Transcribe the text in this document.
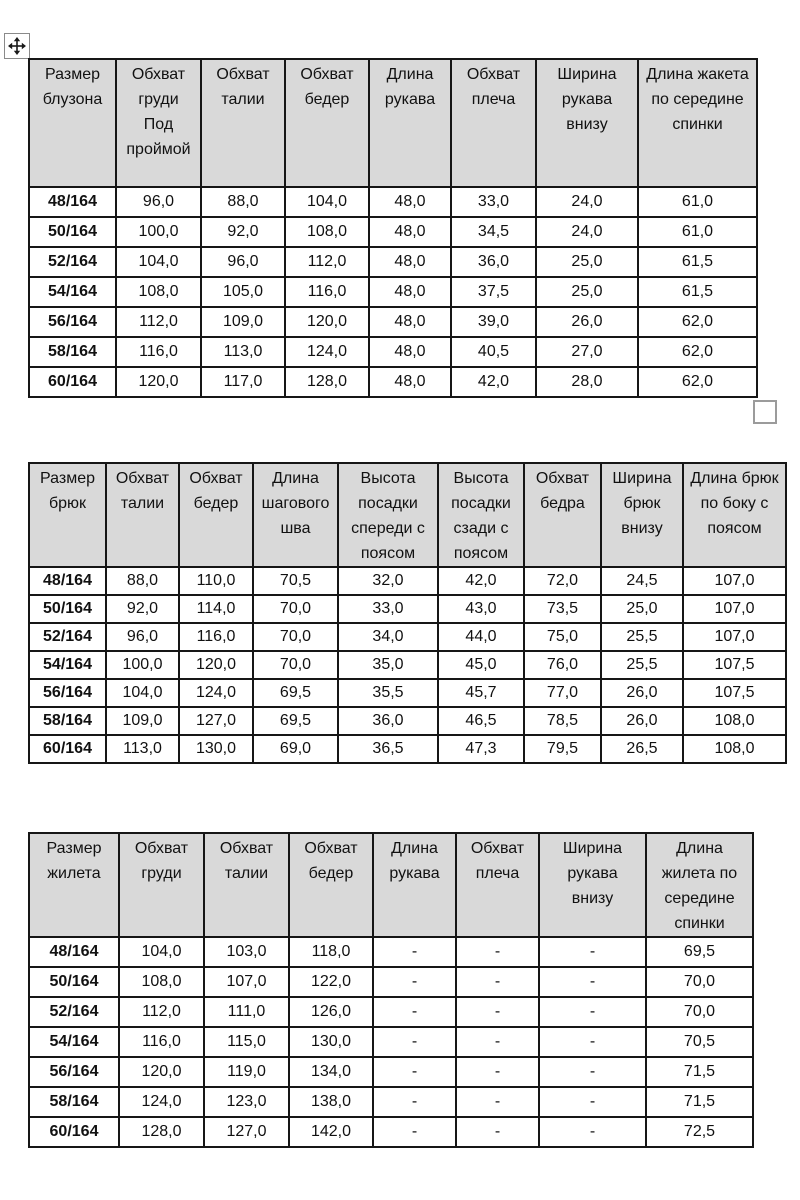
Размер блузона	Обхват груди Под проймой	Обхват талии	Обхват бедер	Длина рукава	Обхват плеча	Ширина рукава внизу	Длина жакета по середине спинки
48/164	96,0	88,0	104,0	48,0	33,0	24,0	61,0
50/164	100,0	92,0	108,0	48,0	34,5	24,0	61,0
52/164	104,0	96,0	112,0	48,0	36,0	25,0	61,5
54/164	108,0	105,0	116,0	48,0	37,5	25,0	61,5
56/164	112,0	109,0	120,0	48,0	39,0	26,0	62,0
58/164	116,0	113,0	124,0	48,0	40,5	27,0	62,0
60/164	120,0	117,0	128,0	48,0	42,0	28,0	62,0
Размер брюк	Обхват талии	Обхват бедер	Длина шагового шва	Высота посадки спереди с поясом	Высота посадки сзади с поясом	Обхват бедра	Ширина брюк внизу	Длина брюк по боку с поясом
48/164	88,0	110,0	70,5	32,0	42,0	72,0	24,5	107,0
50/164	92,0	114,0	70,0	33,0	43,0	73,5	25,0	107,0
52/164	96,0	116,0	70,0	34,0	44,0	75,0	25,5	107,0
54/164	100,0	120,0	70,0	35,0	45,0	76,0	25,5	107,5
56/164	104,0	124,0	69,5	35,5	45,7	77,0	26,0	107,5
58/164	109,0	127,0	69,5	36,0	46,5	78,5	26,0	108,0
60/164	113,0	130,0	69,0	36,5	47,3	79,5	26,5	108,0
Размер жилета	Обхват груди	Обхват талии	Обхват бедер	Длина рукава	Обхват плеча	Ширина рукава внизу	Длина жилета по середине спинки
48/164	104,0	103,0	118,0	-	-	-	69,5
50/164	108,0	107,0	122,0	-	-	-	70,0
52/164	112,0	111,0	126,0	-	-	-	70,0
54/164	116,0	115,0	130,0	-	-	-	70,5
56/164	120,0	119,0	134,0	-	-	-	71,5
58/164	124,0	123,0	138,0	-	-	-	71,5
60/164	128,0	127,0	142,0	-	-	-	72,5
